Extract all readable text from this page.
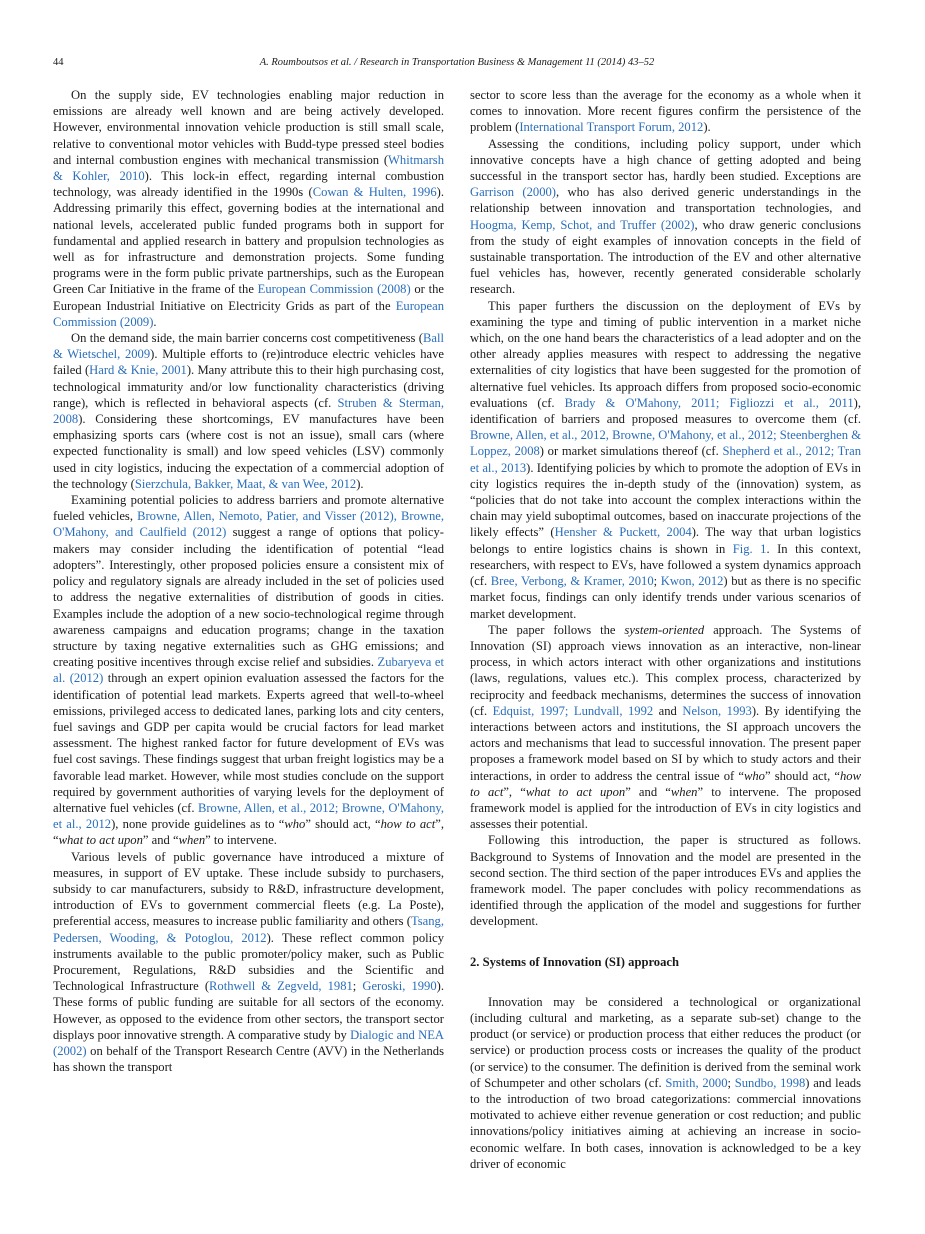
44	A. Roumboutsos et al. / Research in Transportation Business & Management 11 (2014) 43–52

On the supply side, EV technologies enabling major reduction in emissions are already well known and are being actively developed. However, environmental innovation vehicle production is still small scale, relative to conventional motor vehicles with Budd-type pressed steel bodies and internal combustion engines with mechanical transmission (Whitmarsh & Kohler, 2010). This lock-in effect, regarding internal combustion technology, was already identified in the 1990s (Cowan & Hulten, 1996). Addressing primarily this effect, governing bodies at the international and national levels, accelerated public funded programs both in support for fundamental and applied research in battery and propulsion technologies as well as for infrastructure and demonstration projects. Some funding programs were in the form public private partnerships, such as the European Green Car Initiative in the frame of the European Commission (2008) or the European Industrial Initiative on Electricity Grids as part of the European Commission (2009).

On the demand side, the main barrier concerns cost competitiveness (Ball & Wietschel, 2009). Multiple efforts to (re)introduce electric vehicles have failed (Hard & Knie, 2001). Many attribute this to their high purchasing cost, technological immaturity and/or low functionality characteristics (driving range), which is reflected in behavioral aspects (cf. Struben & Sterman, 2008). Considering these shortcomings, EV manufactures have been emphasizing sports cars (where cost is not an issue), small cars (where expected functionality is small) and low speed vehicles (LSV) commonly used in city logistics, inducing the expectation of a commercial adoption of the technology (Sierzchula, Bakker, Maat, & van Wee, 2012).

Examining potential policies to address barriers and promote alternative fueled vehicles, Browne, Allen, Nemoto, Patier, and Visser (2012), Browne, O'Mahony, and Caulfield (2012) suggest a range of options that policy-makers may consider including the identification of potential “lead adopters”. Interestingly, other proposed policies ensure a consistent mix of policy and regulatory signals are already included in the set of policies used to address the negative externalities of distribution of goods in cities. Examples include the adoption of a new socio-technological regime through awareness campaigns and education programs; change in the taxation structure by taxing negative externalities such as GHG emissions; and creating positive incentives through excise relief and subsidies. Zubaryeva et al. (2012) through an expert opinion evaluation assessed the factors for the identification of potential lead markets. Experts agreed that well-to-wheel emissions, privileged access to dedicated lanes, parking lots and city centers, fuel savings and GDP per capita would be crucial factors for lead market assessment. The highest ranked factor for future development of EVs was fuel cost savings. These findings suggest that urban freight logistics may be a favorable lead market. However, while most studies conclude on the support required by government authorities of varying levels for the deployment of alternative fuel vehicles (cf. Browne, Allen, et al., 2012; Browne, O'Mahony, et al., 2012), none provide guidelines as to “who” should act, “how to act”, “what to act upon” and “when” to intervene.

Various levels of public governance have introduced a mixture of measures, in support of EV uptake. These include subsidy to purchasers, subsidy to car manufacturers, subsidy to R&D, infrastructure development, introduction of EVs to government commercial fleets (e.g. La Poste), preferential access, measures to increase public familiarity and others (Tsang, Pedersen, Wooding, & Potoglou, 2012). These reflect common policy instruments available to the public promoter/policy maker, such as Public Procurement, Regulations, R&D subsidies and the Scientific and Technological Infrastructure (Rothwell & Zegveld, 1981; Geroski, 1990). These forms of public funding are suitable for all sectors of the economy. However, as opposed to the evidence from other sectors, the transport sector displays poor innovative strength. A comparative study by Dialogic and NEA (2002) on behalf of the Transport Research Centre (AVV) in the Netherlands has shown the transport

sector to score less than the average for the economy as a whole when it comes to innovation. More recent figures confirm the persistence of the problem (International Transport Forum, 2012).

Assessing the conditions, including policy support, under which innovative concepts have a high chance of getting adopted and being successful in the transport sector has, hardly been studied. Exceptions are Garrison (2000), who has also derived generic understandings in the relationship between innovation and transportation technologies, and Hoogma, Kemp, Schot, and Truffer (2002), who draw generic conclusions from the study of eight examples of innovation concepts in the field of sustainable transportation. The introduction of the EV and other alternative fuel vehicles has, however, recently generated considerable scholarly research.

This paper furthers the discussion on the deployment of EVs by examining the type and timing of public intervention in a market niche which, on the one hand bears the characteristics of a lead adopter and on the other already applies measures with respect to addressing the negative externalities of city logistics that have been suggested for the promotion of alternative fuel vehicles. Its approach differs from proposed socio-economic evaluations (cf. Brady & O'Mahony, 2011; Figliozzi et al., 2011), identification of barriers and proposed measures to overcome them (cf. Browne, Allen, et al., 2012, Browne, O'Mahony, et al., 2012; Steenberghen & Loppez, 2008) or market simulations thereof (cf. Shepherd et al., 2012; Tran et al., 2013). Identifying policies by which to promote the adoption of EVs in city logistics requires the in-depth study of the (innovation) system, as “policies that do not take into account the complex interactions within the chain may yield suboptimal outcomes, based on inaccurate projections of the likely effects” (Hensher & Puckett, 2004). The way that urban logistics belongs to entire logistics chains is shown in Fig. 1. In this context, researchers, with respect to EVs, have followed a system dynamics approach (cf. Bree, Verbong, & Kramer, 2010; Kwon, 2012) but as there is no specific market focus, findings can only identify trends under various scenarios of market development.

The paper follows the system-oriented approach. The Systems of Innovation (SI) approach views innovation as an interactive, non-linear process, in which actors interact with other organizations and institutions (laws, regulations, values etc.). This complex process, characterized by reciprocity and feedback mechanisms, determines the success of innovation (cf. Edquist, 1997; Lundvall, 1992 and Nelson, 1993). By identifying the interactions between actors and institutions, the SI approach uncovers the actors and mechanisms that lead to successful innovation. The present paper proposes a framework model based on SI by which to study actors and their interactions, in order to address the central issue of “who” should act, “how to act”, “what to act upon” and “when” to intervene. The proposed framework model is applied for the introduction of EVs in city logistics and assesses their potential.

Following this introduction, the paper is structured as follows. Background to Systems of Innovation and the model are presented in the second section. The third section of the paper introduces EVs and applies the framework model. The paper concludes with policy recommendations as identified through the application of the model and suggestions for further development.

2. Systems of Innovation (SI) approach

Innovation may be considered a technological or organizational (including cultural and marketing, as a separate sub-set) change to the product (or service) or production process that either reduces the product (or service) or production process costs or increases the quality of the product (or service) to the consumer. The definition is derived from the seminal work of Schumpeter and other scholars (cf. Smith, 2000; Sundbo, 1998) and leads to the introduction of two broad categorizations: commercial innovations motivated to achieve either revenue generation or cost reduction; and public innovations/policy initiatives aiming at achieving an increase in socio-economic welfare. In both cases, innovation is acknowledged to be a key driver of economic
